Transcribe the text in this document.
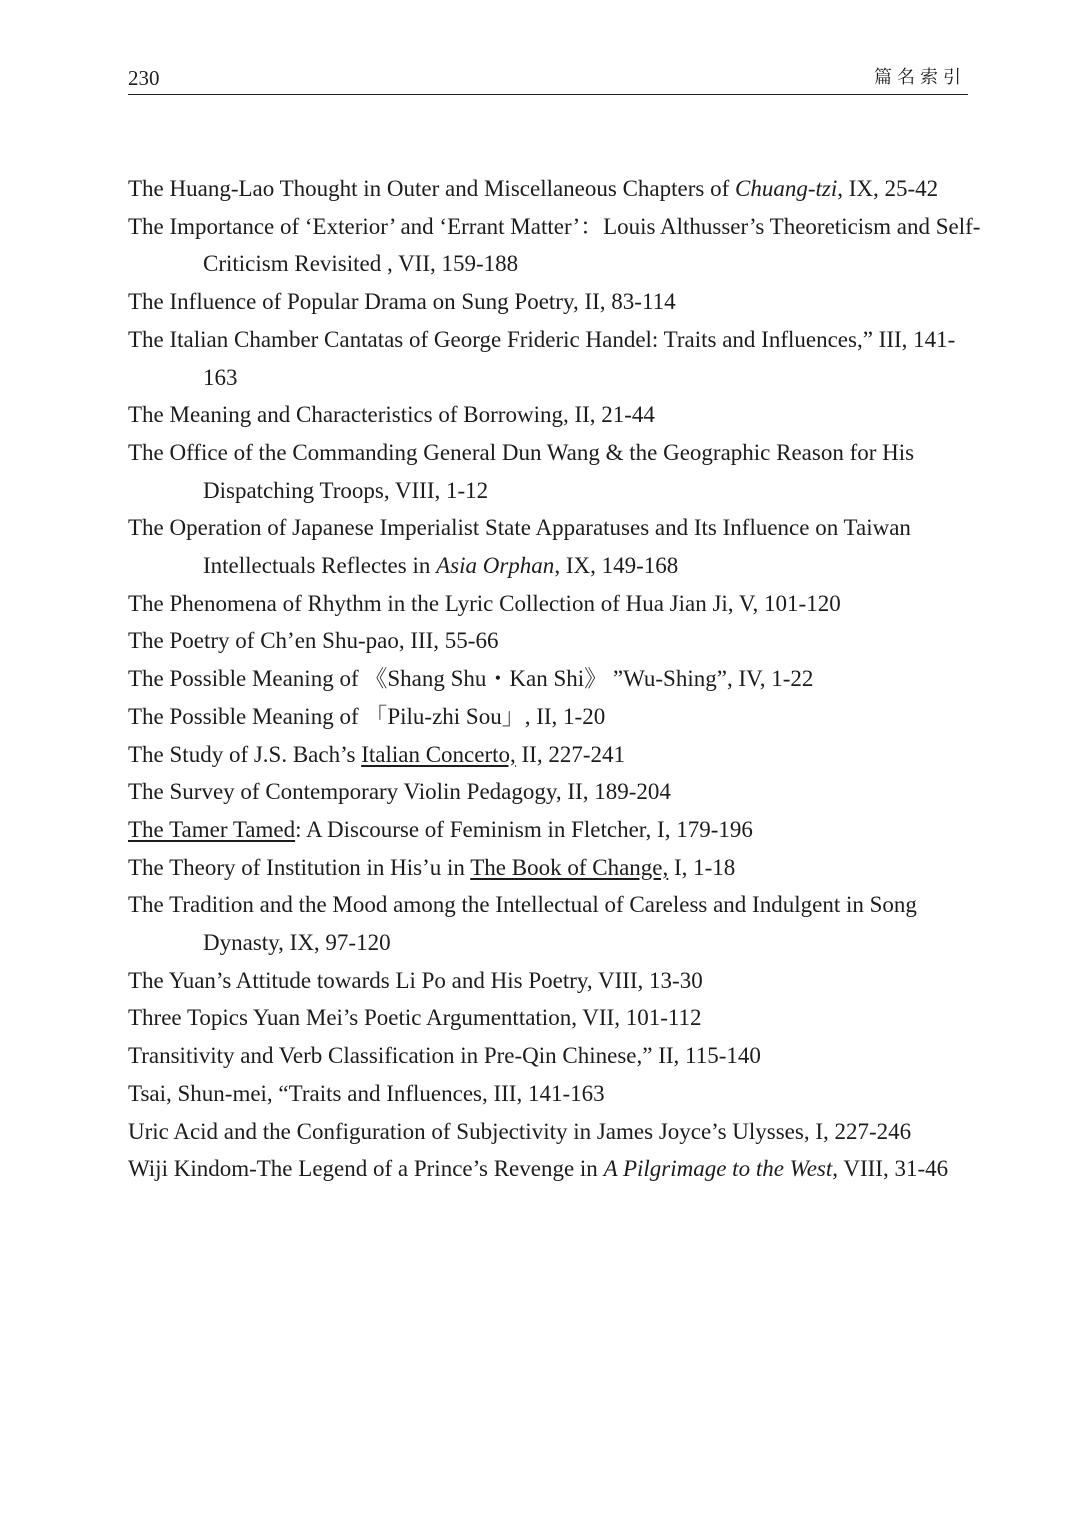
230	篇名索引
The Huang-Lao Thought in Outer and Miscellaneous Chapters of Chuang-tzi, IX, 25-42
The Importance of ‘Exterior’ and ‘Errant Matter’：Louis Althusser’s Theoreticism and Self-Criticism Revisited , VII, 159-188
The Influence of Popular Drama on Sung Poetry, II, 83-114
The Italian Chamber Cantatas of George Frideric Handel: Traits and Influences,” III, 141-163
The Meaning and Characteristics of Borrowing, II, 21-44
The Office of the Commanding General Dun Wang & the Geographic Reason for His Dispatching Troops, VIII, 1-12
The Operation of Japanese Imperialist State Apparatuses and Its Influence on Taiwan Intellectuals Reflectes in Asia Orphan, IX, 149-168
The Phenomena of Rhythm in the Lyric Collection of Hua Jian Ji, V, 101-120
The Poetry of Ch’en Shu-pao, III, 55-66
The Possible Meaning of 《Shang Shu・Kan Shi》 ”Wu-Shing”, IV, 1-22
The Possible Meaning of 「Pilu-zhi Sou」, II, 1-20
The Study of J.S. Bach’s Italian Concerto, II, 227-241
The Survey of Contemporary Violin Pedagogy, II, 189-204
The Tamer Tamed: A Discourse of Feminism in Fletcher, I, 179-196
The Theory of Institution in His’u in The Book of Change, I, 1-18
The Tradition and the Mood among the Intellectual of Careless and Indulgent in Song Dynasty, IX, 97-120
The Yuan’s Attitude towards Li Po and His Poetry, VIII, 13-30
Three Topics Yuan Mei’s Poetic Argumenttation, VII, 101-112
Transitivity and Verb Classification in Pre-Qin Chinese,” II, 115-140
Tsai, Shun-mei, “Traits and Influences, III, 141-163
Uric Acid and the Configuration of Subjectivity in James Joyce’s Ulysses, I, 227-246
Wiji Kindom-The Legend of a Prince’s Revenge in A Pilgrimage to the West, VIII, 31-46
